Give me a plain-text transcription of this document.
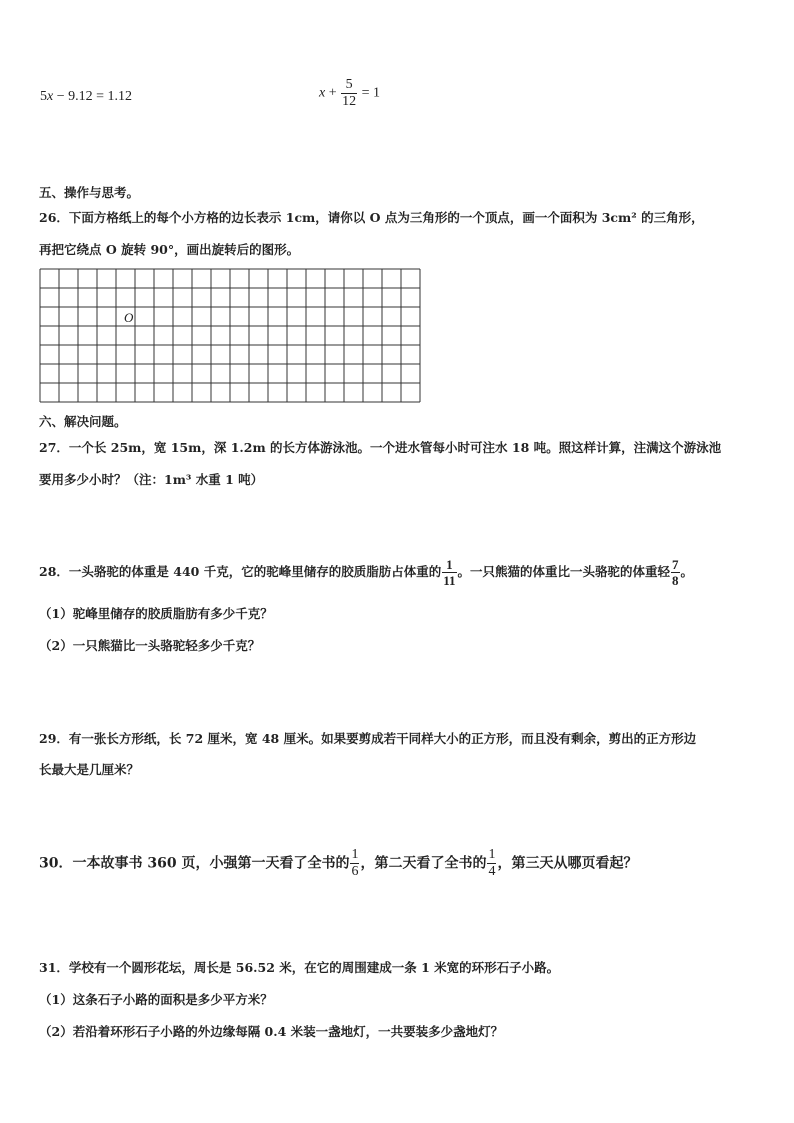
5x − 9.12 = 1.12	$x + \frac{5}{12} = 1$
五、操作与思考。
26．下面方格纸上的每个小方格的边长表示 1cm，请你以 O 点为三角形的一个顶点，画一个面积为 3cm² 的三角形，
再把它绕点 O 旋转 90°，画出旋转后的图形。
O
六、解决问题。
27．一个长 25m，宽 15m，深 1.2m 的长方体游泳池。一个进水管每小时可注水 18 吨。照这样计算，注满这个游泳池
要用多少小时？（注：1m³ 水重 1 吨）
28．一头骆驼的体重是 440 千克，它的驼峰里储存的胶质脂肪占体重的 $\frac{1}{11}$ 。一只熊猫的体重比一头骆驼的体重轻 $\frac{7}{8}$ 。
（1）驼峰里储存的胶质脂肪有多少千克？
（2）一只熊猫比一头骆驼轻多少千克？
29．有一张长方形纸，长 72 厘米，宽 48 厘米。如果要剪成若干同样大小的正方形，而且没有剩余，剪出的正方形边
长最大是几厘米？
30．一本故事书 360 页，小强第一天看了全书的 $\frac{1}{6}$ ，第二天看了全书的 $\frac{1}{4}$ ，第三天从哪页看起？
31．学校有一个圆形花坛，周长是 56.52 米，在它的周围建成一条 1 米宽的环形石子小路。
（1）这条石子小路的面积是多少平方米？
（2）若沿着环形石子小路的外边缘每隔 0.4 米装一盏地灯，一共要装多少盏地灯？
